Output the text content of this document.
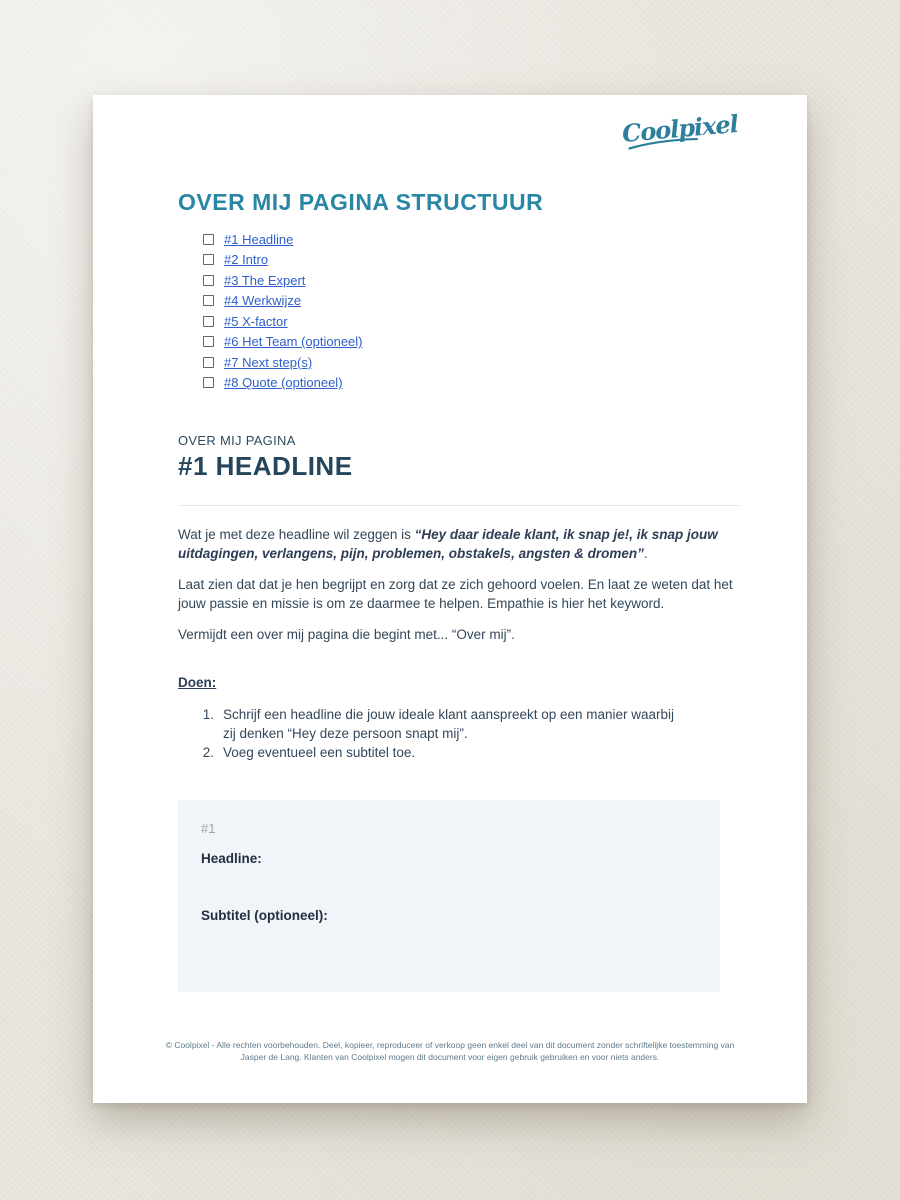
Coolpixel
OVER MIJ PAGINA STRUCTUUR
#1 Headline
#2 Intro
#3 The Expert
#4 Werkwijze
#5 X-factor
#6 Het Team (optioneel)
#7 Next step(s)
#8 Quote (optioneel)
OVER MIJ PAGINA
#1 HEADLINE

Wat je met deze headline wil zeggen is “Hey daar ideale klant, ik snap je!, ik snap jouw uitdagingen, verlangens, pijn, problemen, obstakels, angsten & dromen”.

Laat zien dat dat je hen begrijpt en zorg dat ze zich gehoord voelen. En laat ze weten dat het jouw passie en missie is om ze daarmee te helpen. Empathie is hier het keyword.

Vermijdt een over mij pagina die begint met... “Over mij”.

Doen:
1. Schrijf een headline die jouw ideale klant aanspreekt op een manier waarbij zij denken “Hey deze persoon snapt mij”.
2. Voeg eventueel een subtitel toe.
#1
Headline:
Subtitel (optioneel):
© Coolpixel - Alle rechten voorbehouden. Deel, kopieer, reproduceer of verkoop geen enkel deel van dit document zonder schriftelijke toestemming van Jasper de Lang. Klanten van Coolpixel mogen dit document voor eigen gebruik gebruiken en voor niets anders.
